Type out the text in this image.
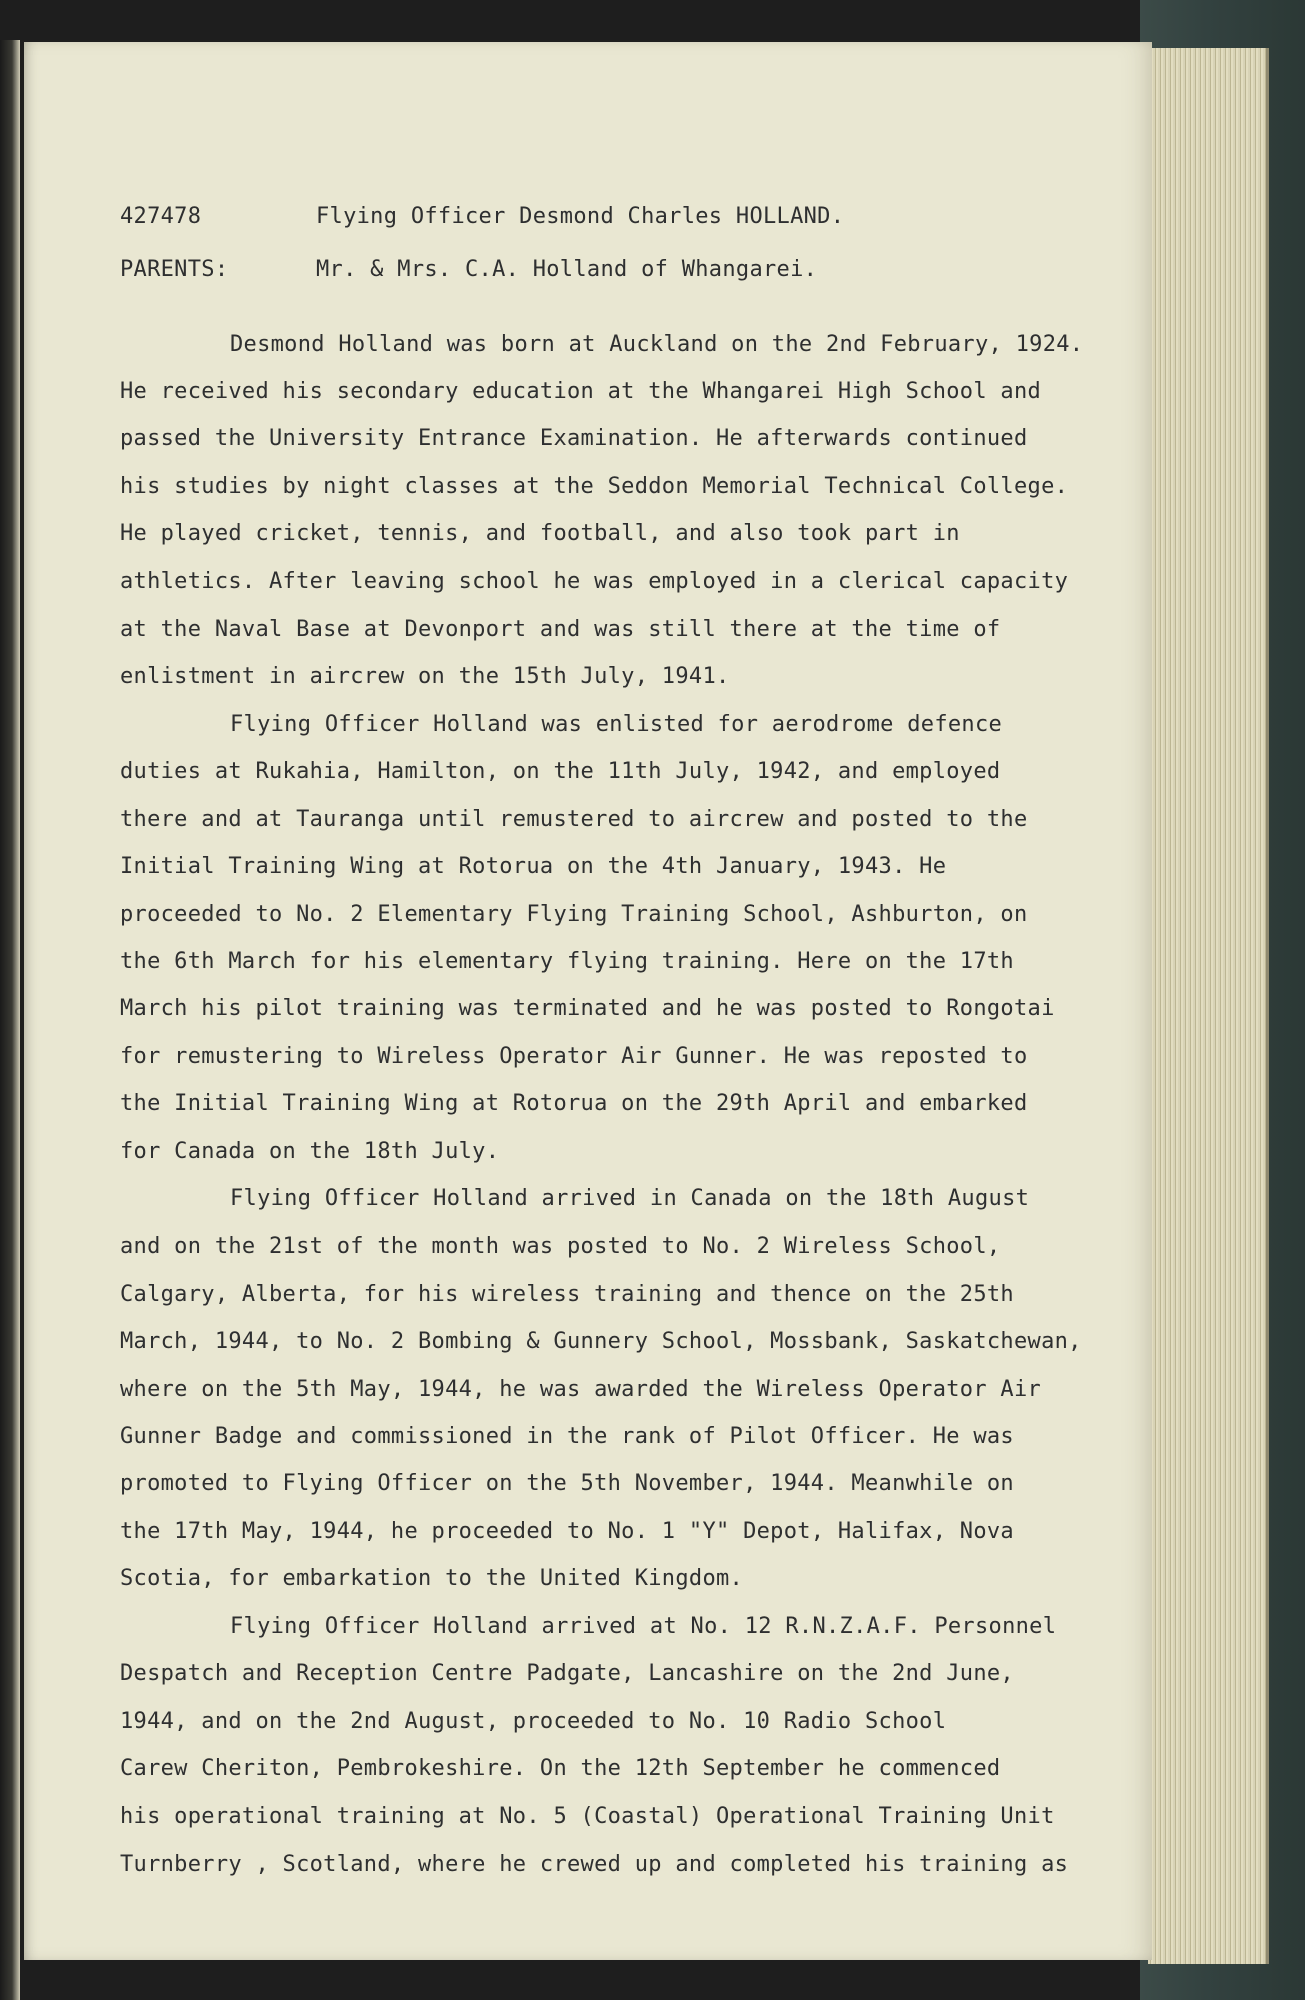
427478	Flying Officer Desmond Charles HOLLAND.
PARENTS:	Mr. & Mrs. C.A. Holland of Whangarei.
Desmond Holland was born at Auckland on the 2nd February, 1924.
He received his secondary education at the Whangarei High School and
passed the University Entrance Examination. He afterwards continued
his studies by night classes at the Seddon Memorial Technical College.
He played cricket, tennis, and football, and also took part in
athletics. After leaving school he was employed in a clerical capacity
at the Naval Base at Devonport and was still there at the time of
enlistment in aircrew on the 15th July, 1941.
Flying Officer Holland was enlisted for aerodrome defence
duties at Rukahia, Hamilton, on the 11th July, 1942, and employed
there and at Tauranga until remustered to aircrew and posted to the
Initial Training Wing at Rotorua on the 4th January, 1943. He
proceeded to No. 2 Elementary Flying Training School, Ashburton, on
the 6th March for his elementary flying training. Here on the 17th
March his pilot training was terminated and he was posted to Rongotai
for remustering to Wireless Operator Air Gunner. He was reposted to
the Initial Training Wing at Rotorua on the 29th April and embarked
for Canada on the 18th July.
Flying Officer Holland arrived in Canada on the 18th August
and on the 21st of the month was posted to No. 2 Wireless School,
Calgary, Alberta, for his wireless training and thence on the 25th
March, 1944, to No. 2 Bombing & Gunnery School, Mossbank, Saskatchewan,
where on the 5th May, 1944, he was awarded the Wireless Operator Air
Gunner Badge and commissioned in the rank of Pilot Officer. He was
promoted to Flying Officer on the 5th November, 1944. Meanwhile on
the 17th May, 1944, he proceeded to No. 1 "Y" Depot, Halifax, Nova
Scotia, for embarkation to the United Kingdom.
Flying Officer Holland arrived at No. 12 R.N.Z.A.F. Personnel
Despatch and Reception Centre Padgate, Lancashire on the 2nd June,
1944, and on the 2nd August, proceeded to No. 10 Radio School
Carew Cheriton, Pembrokeshire. On the 12th September he commenced
his operational training at No. 5 (Coastal) Operational Training Unit
Turnberry , Scotland, where he crewed up and completed his training as
